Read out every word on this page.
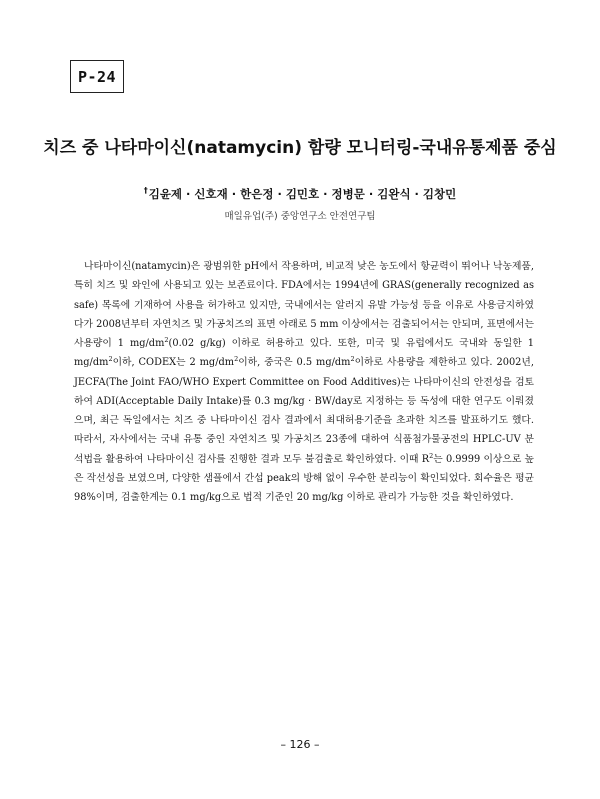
P-24
치즈 중 나타마이신(natamycin) 함량 모니터링-국내유통제품 중심
†김윤제 · 신호재 · 한은정 · 김민호 · 정병문 · 김완식 · 김창민
매일유업(주) 중앙연구소 안전연구팀

나타마이신(natamycin)은 광범위한 pH에서 작용하며, 비교적 낮은 농도에서 항균력이 뛰어나 낙농제품, 특히 치즈 및 와인에 사용되고 있는 보존료이다. FDA에서는 1994년에 GRAS(generally recognized as safe) 목록에 기재하여 사용을 허가하고 있지만, 국내에서는 알러지 유발 가능성 등을 이유로 사용금지하였다가 2008년부터 자연치즈 및 가공치즈의 표면 아래로 5 mm 이상에서는 검출되어서는 안되며, 표면에서는 사용량이 1 $mg/dm^2(0.02$ g/kg) 이하로 허용하고 있다. 또한, 미국 및 유럽에서도 국내와 동일한 1 $mg/dm^2$이하, CODEX는 2 $mg/dm^2$이하, 중국은 0.5 $mg/dm^2$이하로 사용량을 제한하고 있다. 2002년, JECFA(The Joint FAO/WHO Expert Committee on Food Additives)는 나타마이신의 안전성을 검토하여 ADI(Acceptable Daily Intake)를 0.3 mg/kg · BW/day로 지정하는 등 독성에 대한 연구도 이뤄졌으며, 최근 독일에서는 치즈 중 나타마이신 검사 결과에서 최대허용기준을 초과한 치즈를 발표하기도 했다. 따라서, 자사에서는 국내 유통 중인 자연치즈 및 가공치즈 23종에 대하여 식품첨가물공전의 HPLC-UV 분석법을 활용하여 나타마이신 검사를 진행한 결과 모두 불검출로 확인하였다. 이때 $R^2$는 0.9999 이상으로 높은 작선성을 보였으며, 다양한 샘플에서 간섭 peak의 방해 없이 우수한 분리능이 확인되었다. 회수율은 평균 98%이며, 검출한계는 0.1 mg/kg으로 법적 기준인 20 mg/kg 이하로 관리가 가능한 것을 확인하였다.

– 126 –
